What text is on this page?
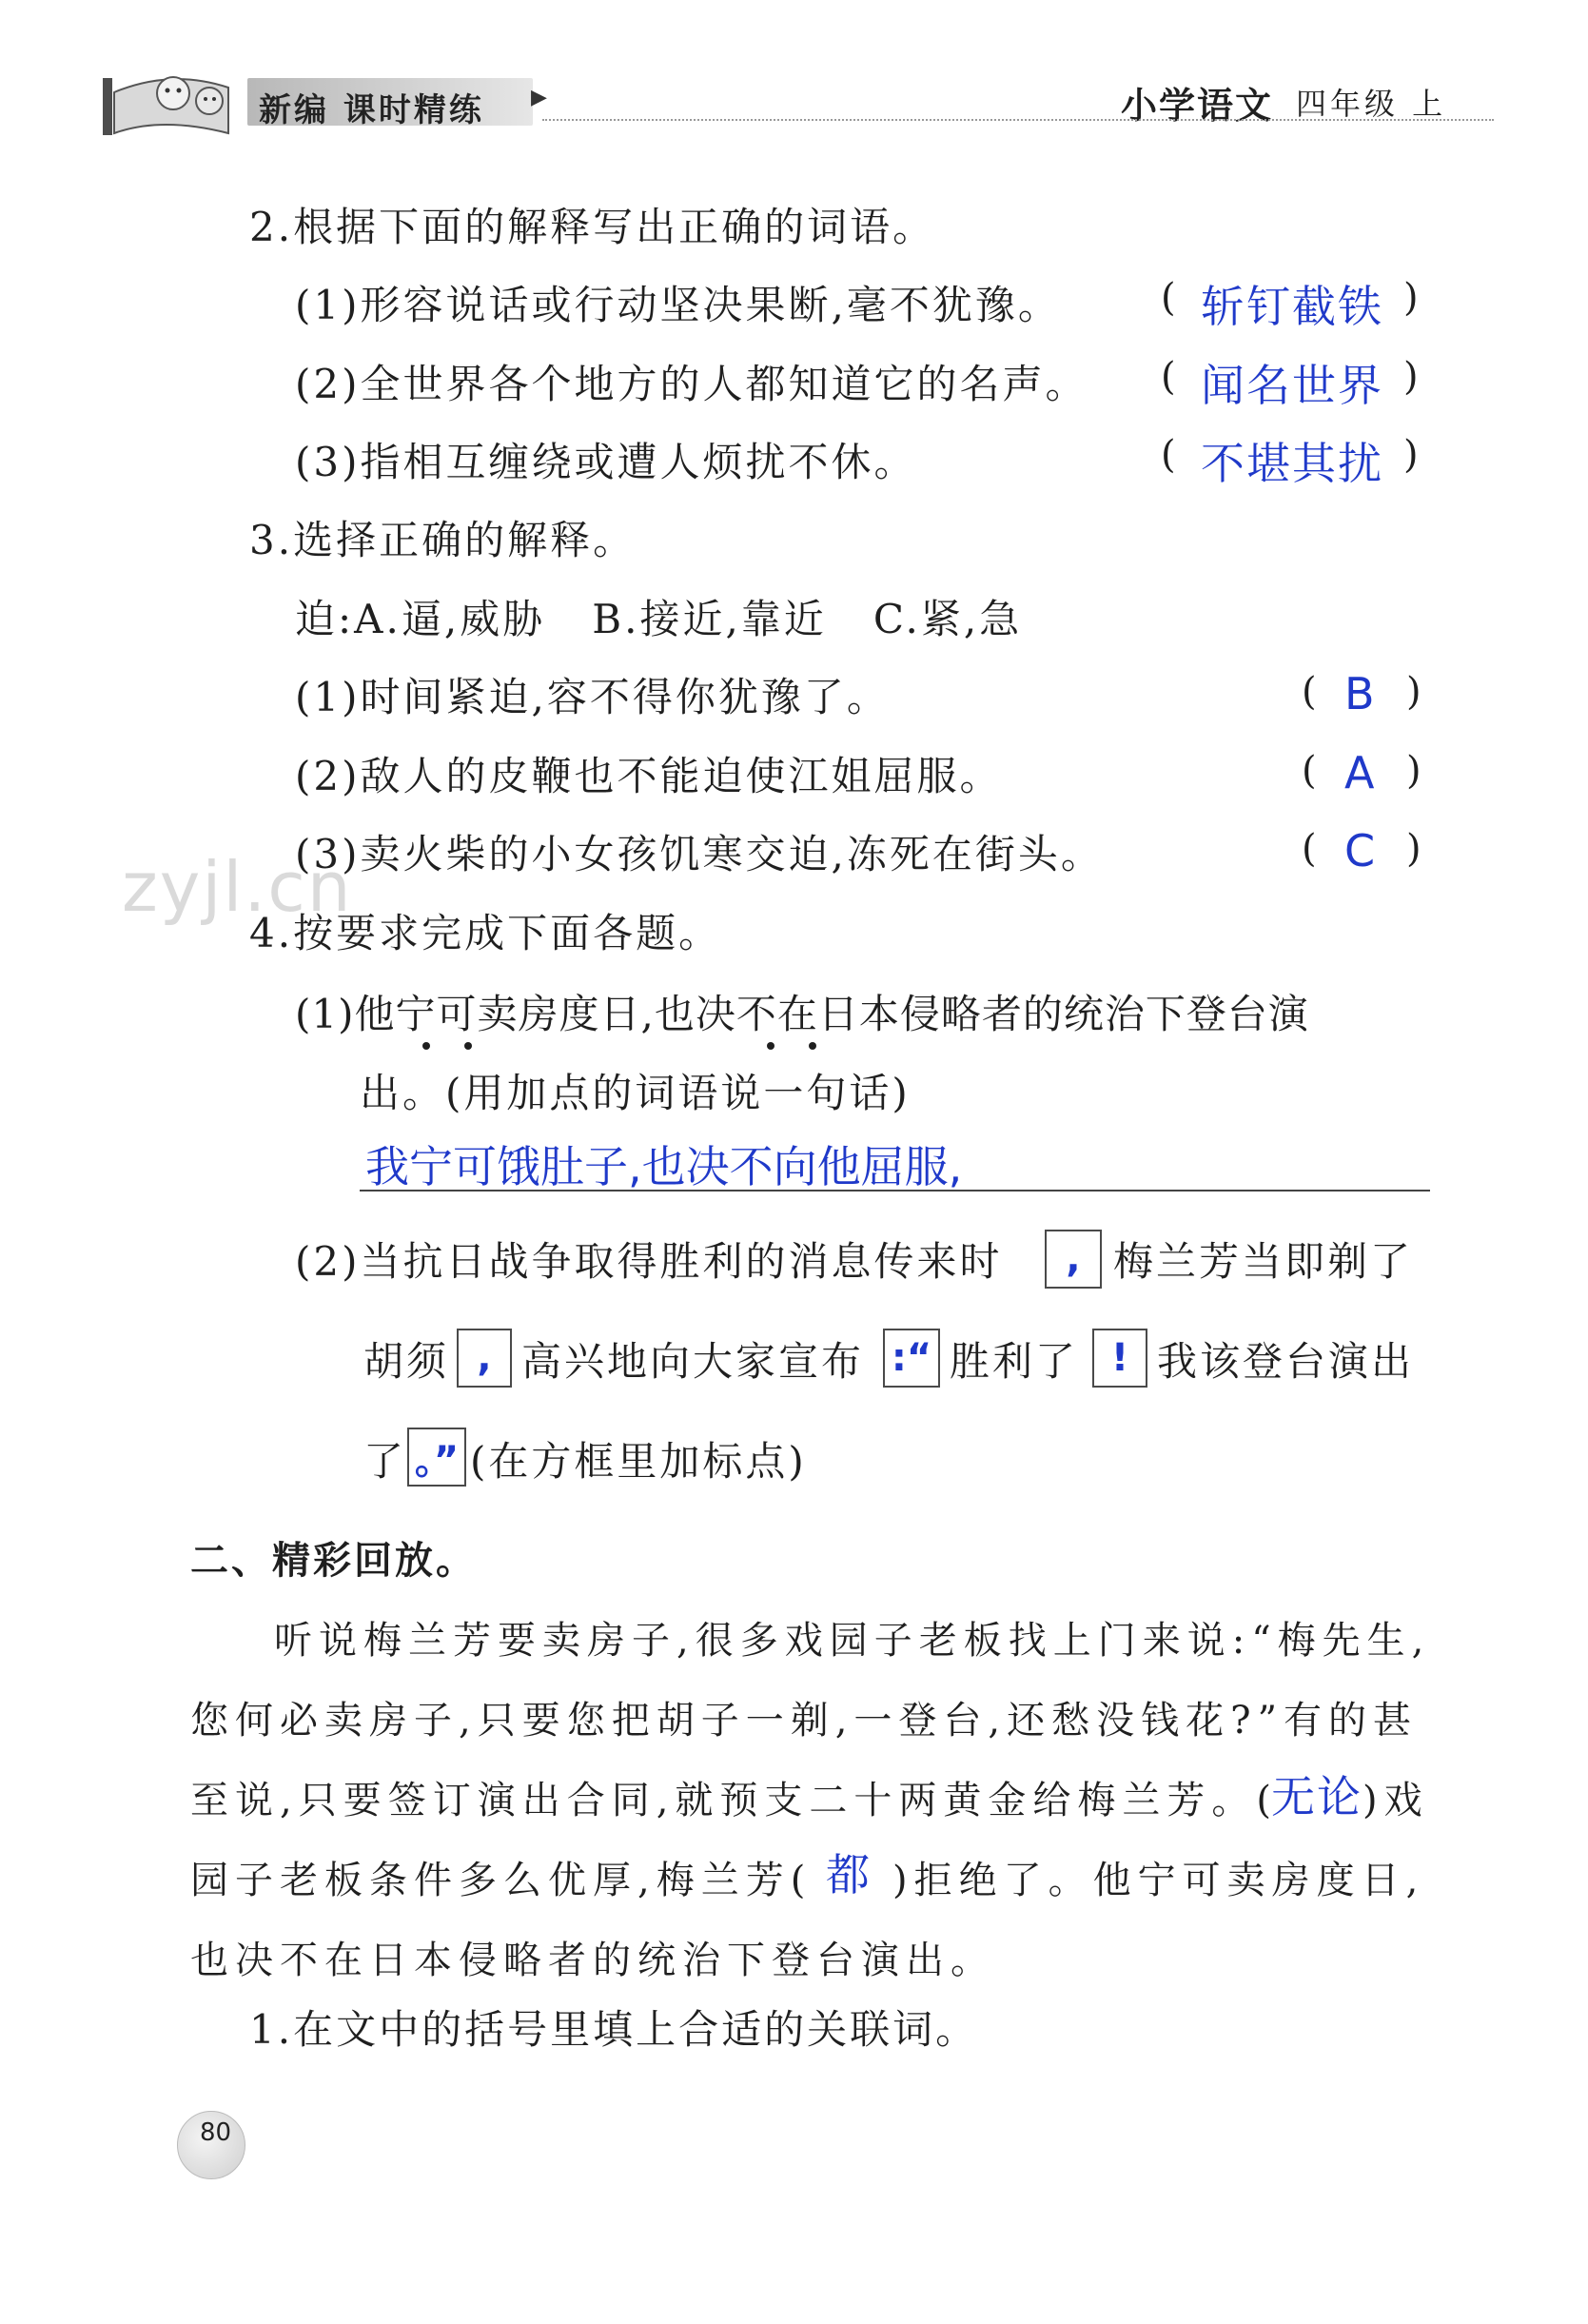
新编 课时精练 ▶	小学语文 四年级 上
2.根据下面的解释写出正确的词语。
(1)形容说话或行动坚决果断,毫不犹豫。	( 斩钉截铁 )
(2)全世界各个地方的人都知道它的名声。 ( 闻名世界 )
(3)指相互缠绕或遭人烦扰不休。	( 不堪其扰 )
3.选择正确的解释。
迫:A.逼,威胁   B.接近,靠近   C.紧,急
(1)时间紧迫,容不得你犹豫了。	( B )
(2)敌人的皮鞭也不能迫使江姐屈服。	( A )
(3)卖火柴的小女孩饥寒交迫,冻死在街头。	( C )
zyjl.cn
4.按要求完成下面各题。
(1)他宁可卖房度日,也决不在日本侵略者的统治下登台演
出。(用加点的词语说一句话)
我宁可饿肚子,也决不向他屈服,
(2)当抗日战争取得胜利的消息传来时 , 梅兰芳当即剃了
胡须 , 高兴地向大家宣布 :“ 胜利了 ! 我该登台演出
了 。” (在方框里加标点)
二、精彩回放。
听说梅兰芳要卖房子,很多戏园子老板找上门来说:“梅先生,
您何必卖房子,只要您把胡子一剃,一登台,还愁没钱花?”有的甚
至说,只要签订演出合同,就预支二十两黄金给梅兰芳。(
无论 )戏
园子老板条件多么优厚,梅兰芳( 都 )拒绝了。他宁可卖房度日,
也决不在日本侵略者的统治下登台演出。
1.在文中的括号里填上合适的关联词。
80
